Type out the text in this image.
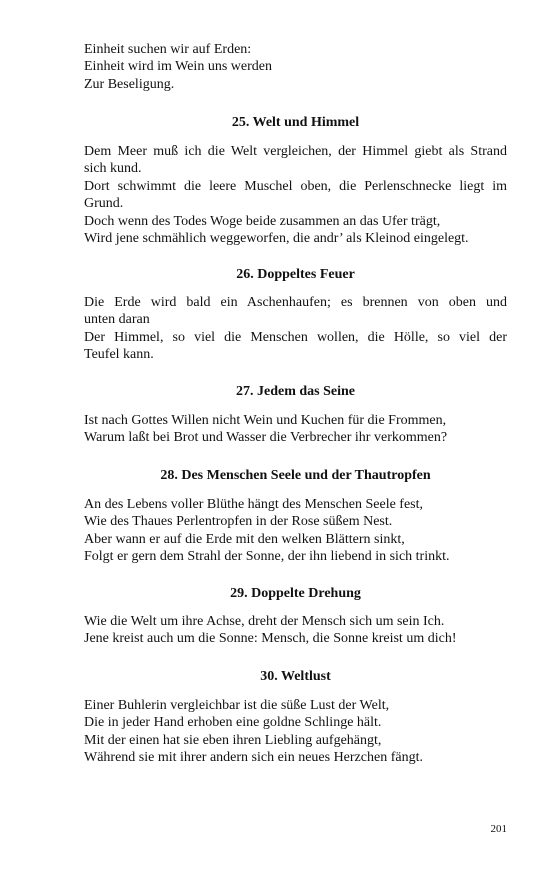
Einheit suchen wir auf Erden:
Einheit wird im Wein uns werden
Zur Beseligung.
25. Welt und Himmel
Dem Meer muß ich die Welt vergleichen, der Himmel giebt als Strand
sich kund.
Dort schwimmt die leere Muschel oben, die Perlenschnecke liegt im
Grund.
Doch wenn des Todes Woge beide zusammen an das Ufer trägt,
Wird jene schmählich weggeworfen, die andr’ als Kleinod eingelegt.
26. Doppeltes Feuer
Die Erde wird bald ein Aschenhaufen; es brennen von oben und
unten daran
Der Himmel, so viel die Menschen wollen, die Hölle, so viel der
Teufel kann.
27. Jedem das Seine
Ist nach Gottes Willen nicht Wein und Kuchen für die Frommen,
Warum laßt bei Brot und Wasser die Verbrecher ihr verkommen?
28. Des Menschen Seele und der Thautropfen
An des Lebens voller Blüthe hängt des Menschen Seele fest,
Wie des Thaues Perlentropfen in der Rose süßem Nest.
Aber wann er auf die Erde mit den welken Blättern sinkt,
Folgt er gern dem Strahl der Sonne, der ihn liebend in sich trinkt.
29. Doppelte Drehung
Wie die Welt um ihre Achse, dreht der Mensch sich um sein Ich.
Jene kreist auch um die Sonne: Mensch, die Sonne kreist um dich!
30. Weltlust
Einer Buhlerin vergleichbar ist die süße Lust der Welt,
Die in jeder Hand erhoben eine goldne Schlinge hält.
Mit der einen hat sie eben ihren Liebling aufgehängt,
Während sie mit ihrer andern sich ein neues Herzchen fängt.
201
